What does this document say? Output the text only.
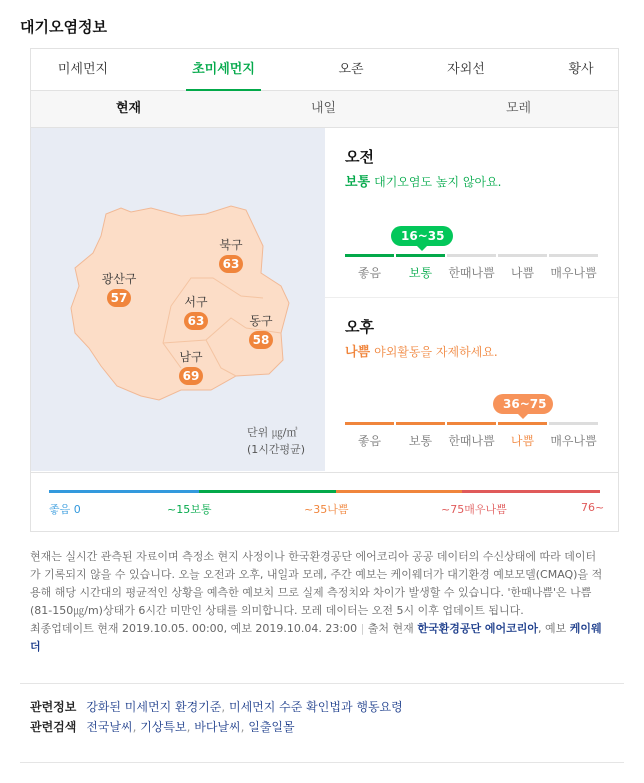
대기오염정보
미세먼지	초미세먼지	오존	자외선	황사
현재	내일	모레
광산구
57
북구
63
서구
63	동구
58
남구
69
단위 ㎍/㎥
(1시간평균)
오전
보통 대기오염도 높지 않아요.
16~35
좋음	보통	한때나쁨	나쁨	매우나쁨
오후
나쁨 야외활동을 자제하세요.
36~75
좋음	보통	한때나쁨	나쁨	매우나쁨
좋음 0	~15보통	~35나쁨	~75매우나쁨	76~
현재는 실시간 관측된 자료이며 측정소 현지 사정이나 한국환경공단 에어코리아 공공 데이터의 수신상태에 따라 데이터가 기록되지 않을 수 있습니다. 오늘 오전과 오후, 내일과 모레, 주간 예보는 케이웨더가 대기환경 예보모델(CMAQ)을 적용해 해당 시간대의 평균적인 상황을 예측한 예보치 므로 실제 측정치와 차이가 발생할 수 있습니다. '한때나쁨'은 나쁨(81-150㎍/m)상태가 6시간 미만인 상태를 의미합니다. 모레 데이터는 오전 5시 이후 업데이트 됩니다.
최종업데이트 현재 2019.10.05. 00:00, 예보 2019.10.04. 23:00 | 출처 현재 한국환경공단 에어코리아, 예보 케이웨더
관련정보 강화된 미세먼지 환경기준, 미세먼지 수준 확인법과 행동요령
관련검색 전국날씨, 기상특보, 바다날씨, 일출일몰
